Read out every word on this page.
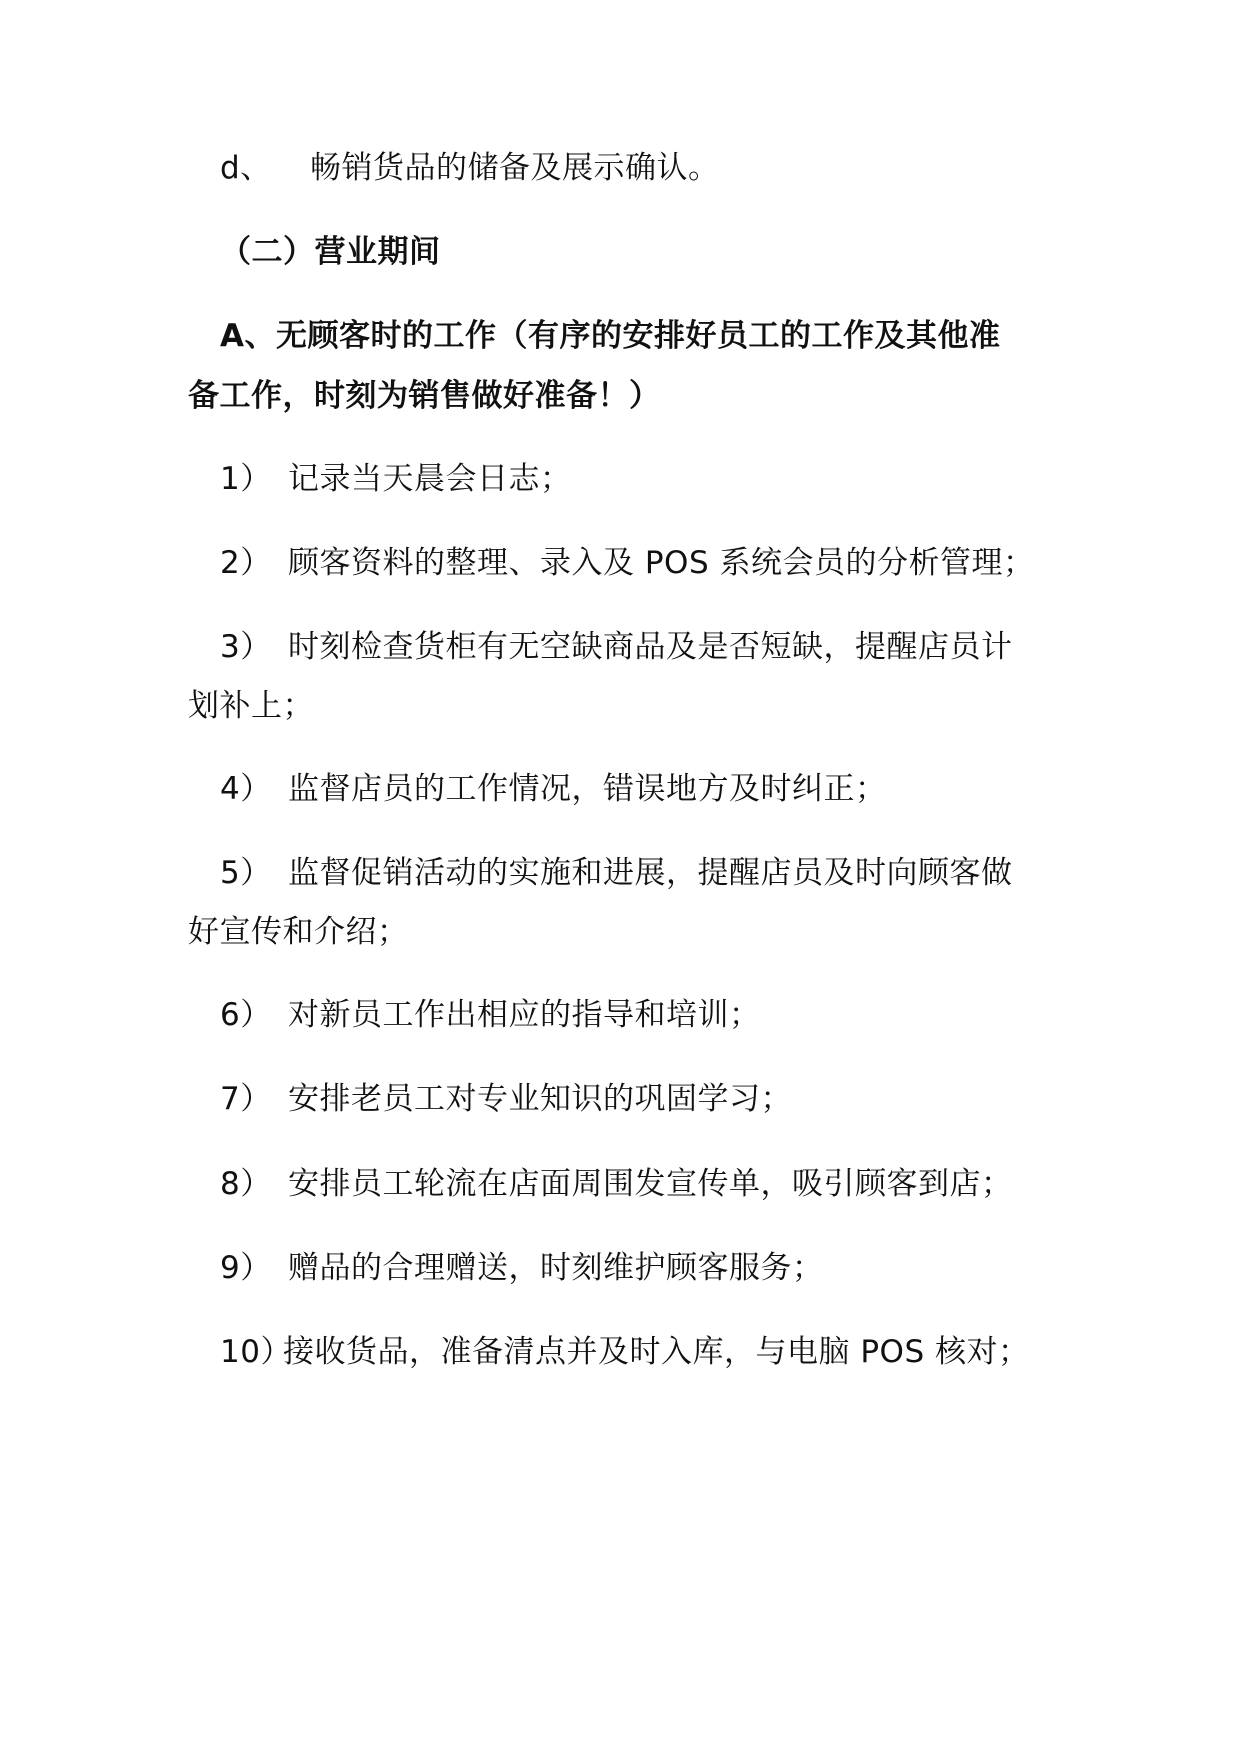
d、 畅销货品的储备及展示确认。
（二）营业期间
A、无顾客时的工作（有序的安排好员工的工作及其他准
备工作，时刻为销售做好准备！）
1） 记录当天晨会日志；
2） 顾客资料的整理、录入及 POS 系统会员的分析管理；
3） 时刻检查货柜有无空缺商品及是否短缺，提醒店员计
划补上；
4） 监督店员的工作情况，错误地方及时纠正；
5） 监督促销活动的实施和进展，提醒店员及时向顾客做
好宣传和介绍；
6） 对新员工作出相应的指导和培训；
7） 安排老员工对专业知识的巩固学习；
8） 安排员工轮流在店面周围发宣传单，吸引顾客到店；
9） 赠品的合理赠送，时刻维护顾客服务；
10）接收货品，准备清点并及时入库，与电脑 POS 核对；
